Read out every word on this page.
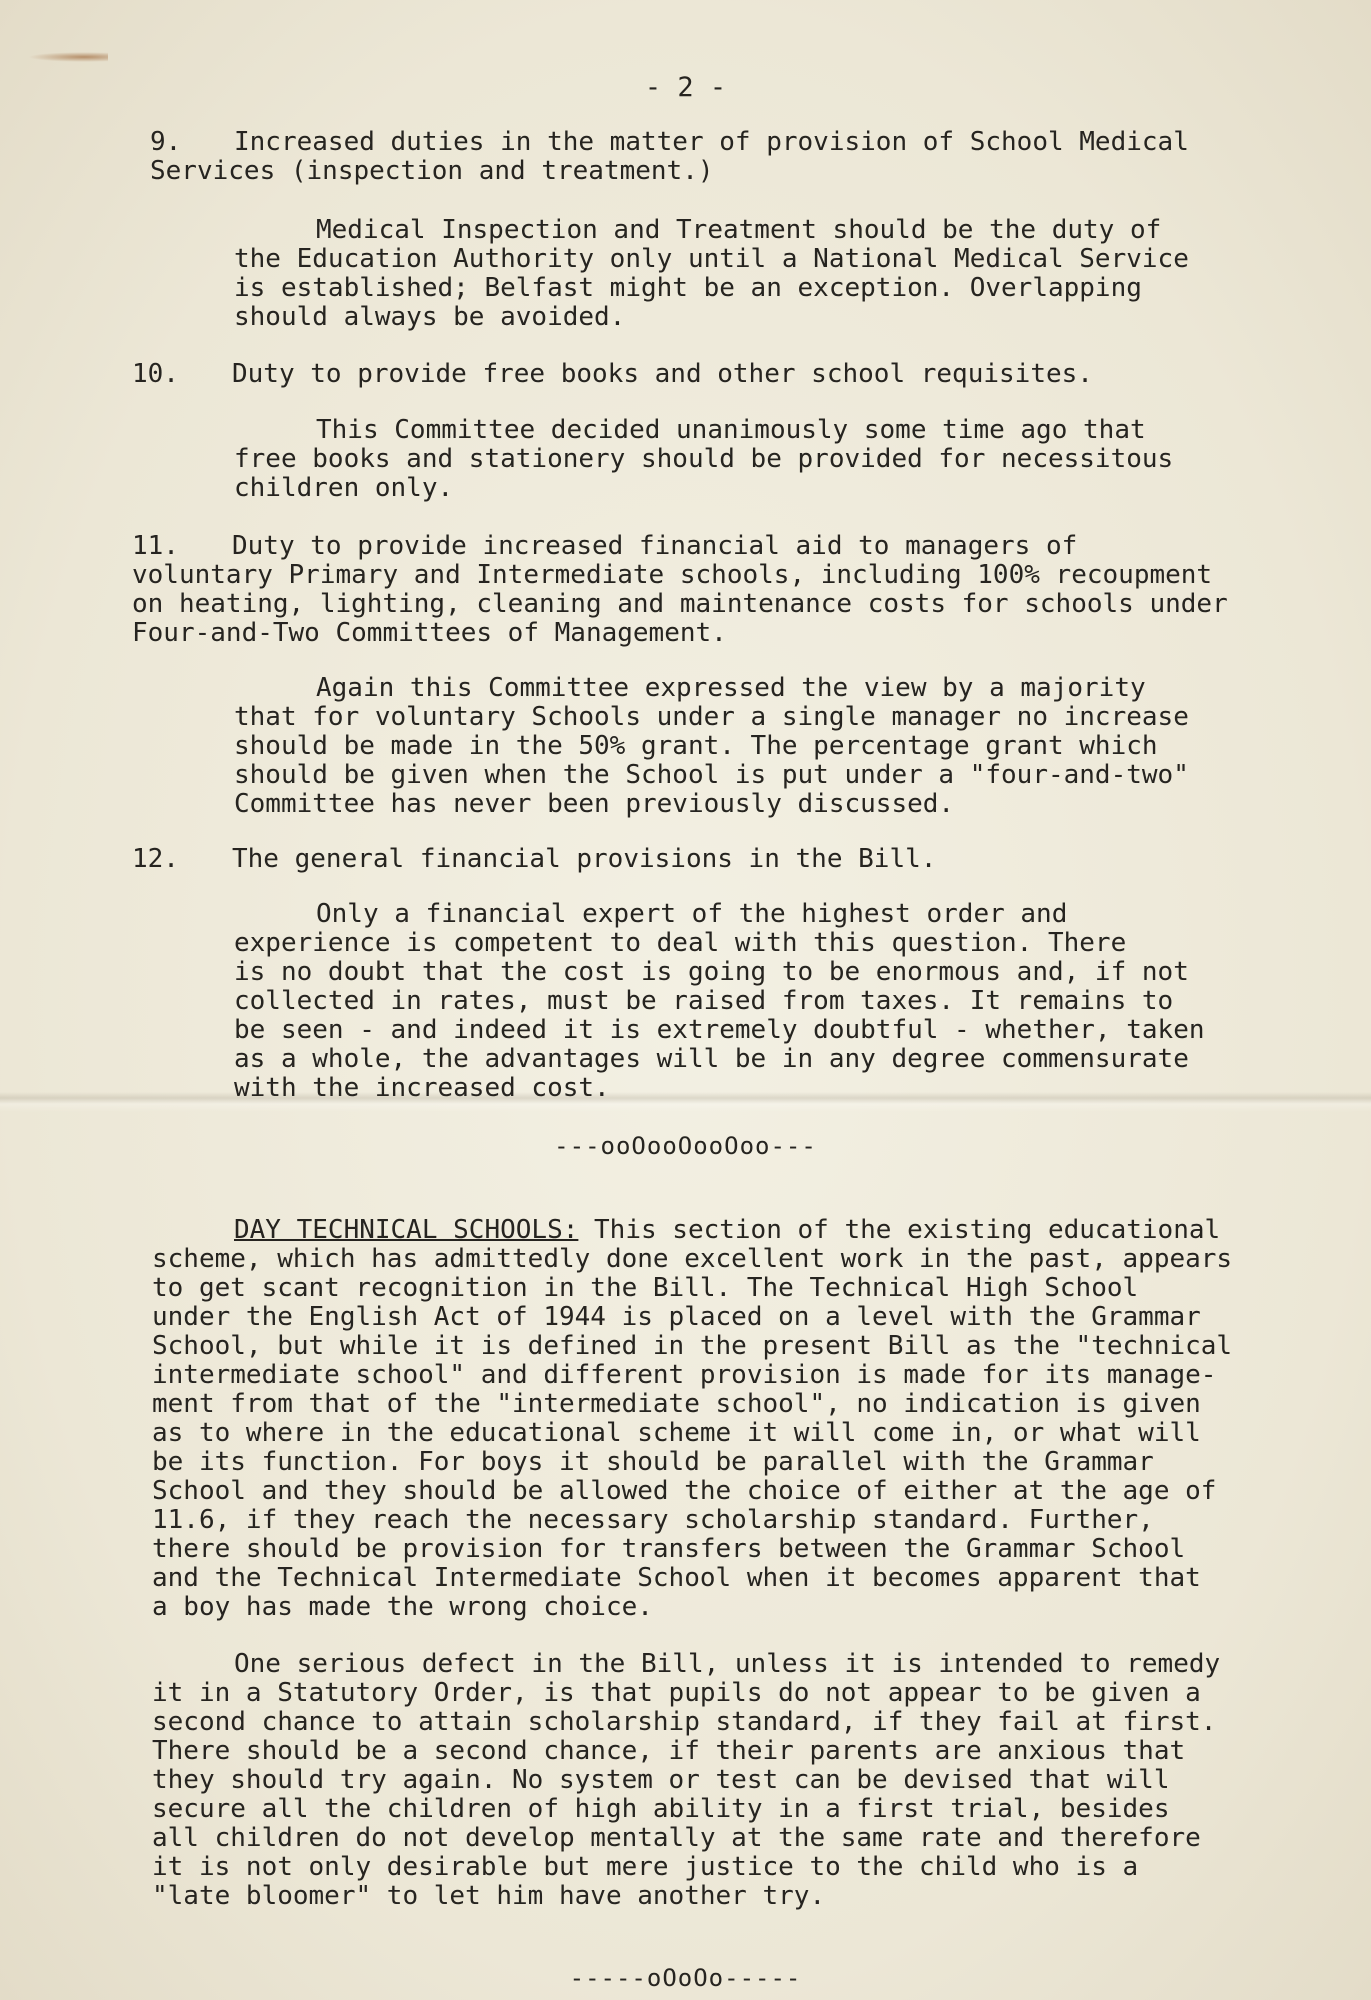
- 2 -
9. Increased duties in the matter of provision of School Medical
Services (inspection and treatment.)
Medical Inspection and Treatment should be the duty of
the Education Authority only until a National Medical Service
is established; Belfast might be an exception. Overlapping
should always be avoided.
10. Duty to provide free books and other school requisites.
This Committee decided unanimously some time ago that
free books and stationery should be provided for necessitous
children only.
11. Duty to provide increased financial aid to managers of
voluntary Primary and Intermediate schools, including 100% recoupment
on heating, lighting, cleaning and maintenance costs for schools under
Four-and-Two Committees of Management.
Again this Committee expressed the view by a majority
that for voluntary Schools under a single manager no increase
should be made in the 50% grant. The percentage grant which
should be given when the School is put under a "four-and-two"
Committee has never been previously discussed.
12. The general financial provisions in the Bill.
Only a financial expert of the highest order and
experience is competent to deal with this question. There
is no doubt that the cost is going to be enormous and, if not
collected in rates, must be raised from taxes. It remains to
be seen - and indeed it is extremely doubtful - whether, taken
as a whole, the advantages will be in any degree commensurate
with the increased cost.
---ooOooOooOoo---
DAY TECHNICAL SCHOOLS: This section of the existing educational
scheme, which has admittedly done excellent work in the past, appears
to get scant recognition in the Bill. The Technical High School
under the English Act of 1944 is placed on a level with the Grammar
School, but while it is defined in the present Bill as the "technical
intermediate school" and different provision is made for its manage-
ment from that of the "intermediate school", no indication is given
as to where in the educational scheme it will come in, or what will
be its function. For boys it should be parallel with the Grammar
School and they should be allowed the choice of either at the age of
11.6, if they reach the necessary scholarship standard. Further,
there should be provision for transfers between the Grammar School
and the Technical Intermediate School when it becomes apparent that
a boy has made the wrong choice.
One serious defect in the Bill, unless it is intended to remedy
it in a Statutory Order, is that pupils do not appear to be given a
second chance to attain scholarship standard, if they fail at first.
There should be a second chance, if their parents are anxious that
they should try again. No system or test can be devised that will
secure all the children of high ability in a first trial, besides
all children do not develop mentally at the same rate and therefore
it is not only desirable but mere justice to the child who is a
"late bloomer" to let him have another try.
-----oOoOo-----
